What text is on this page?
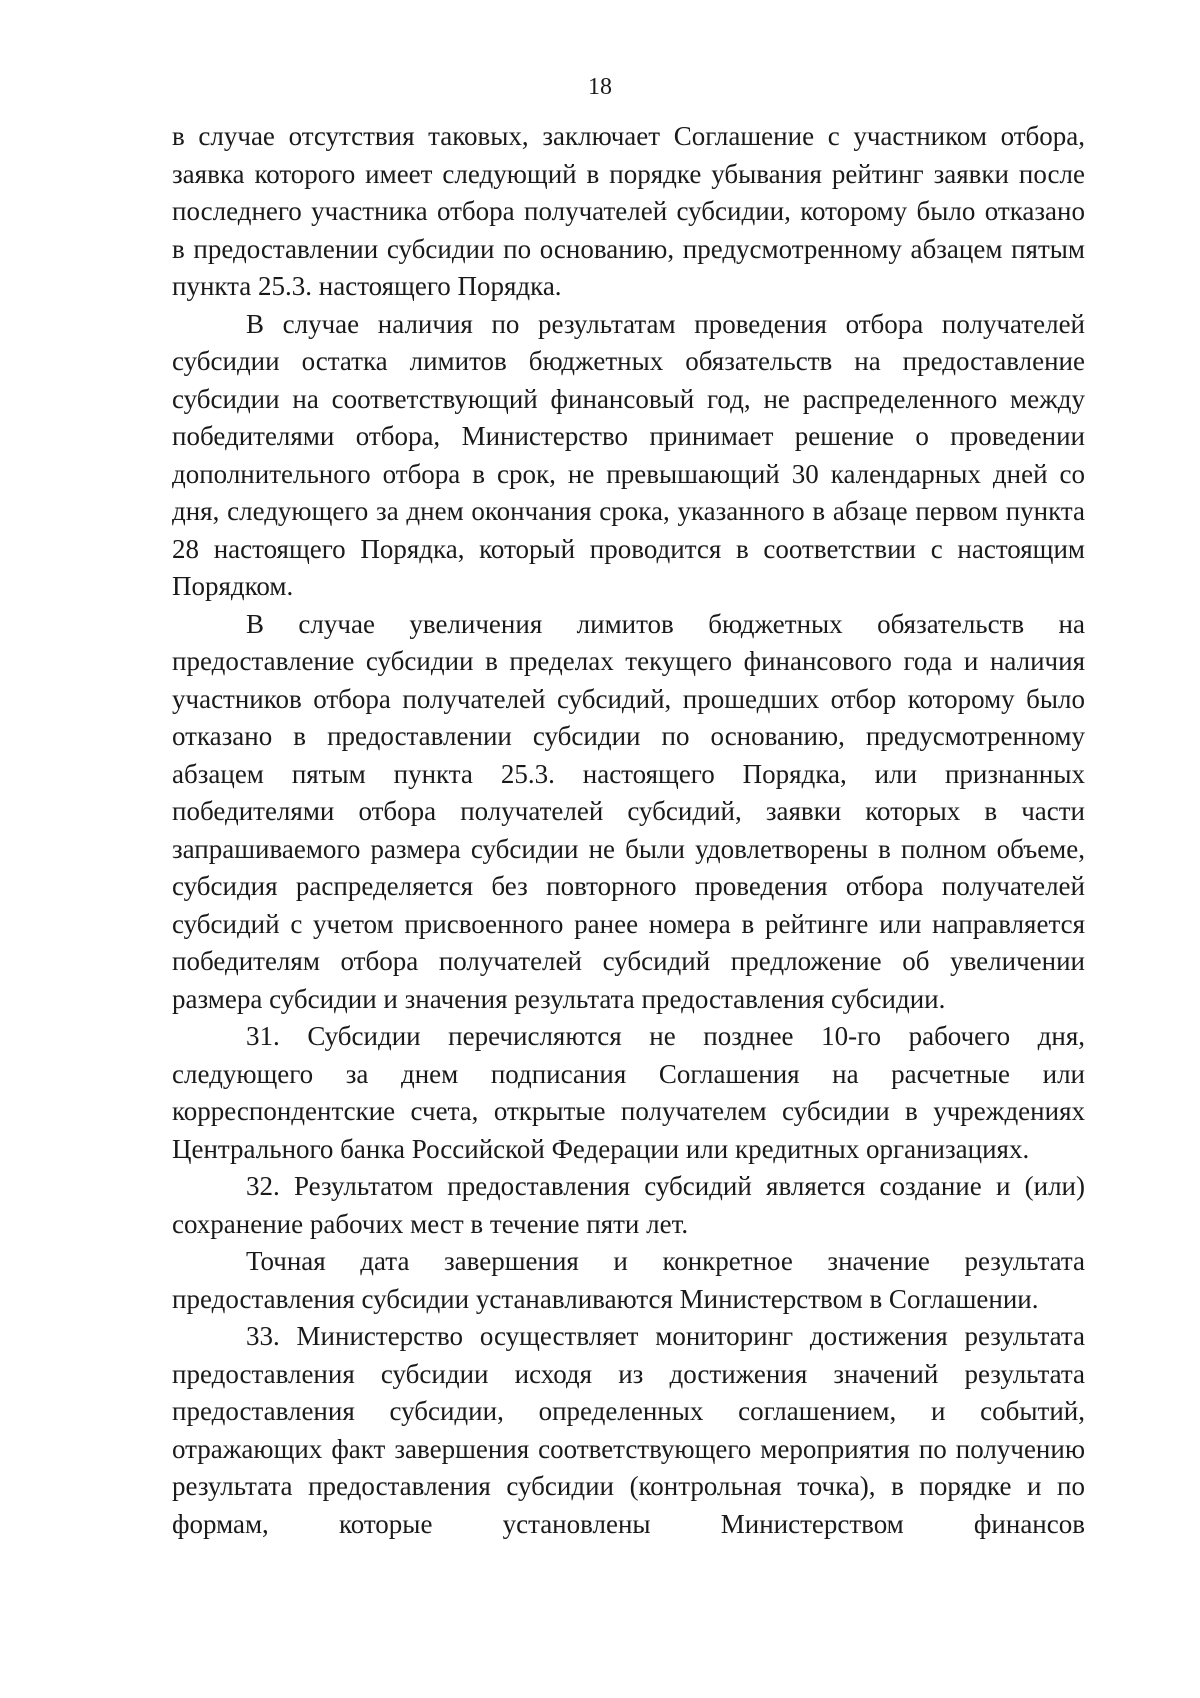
18

в случае отсутствия таковых, заключает Соглашение с участником отбора, заявка которого имеет следующий в порядке убывания рейтинг заявки после последнего участника отбора получателей субсидии, которому было отказано в предоставлении субсидии по основанию, предусмотренному абзацем пятым пункта 25.3. настоящего Порядка.

В случае наличия по результатам проведения отбора получателей субсидии остатка лимитов бюджетных обязательств на предоставление субсидии на соответствующий финансовый год, не распределенного между победителями отбора, Министерство принимает решение о проведении дополнительного отбора в срок, не превышающий 30 календарных дней со дня, следующего за днем окончания срока, указанного в абзаце первом пункта 28 настоящего Порядка, который проводится в соответствии с настоящим Порядком.

В случае увеличения лимитов бюджетных обязательств на предоставление субсидии в пределах текущего финансового года и наличия участников отбора получателей субсидий, прошедших отбор которому было отказано в предоставлении субсидии по основанию, предусмотренному абзацем пятым пункта 25.3. настоящего Порядка, или признанных победителями отбора получателей субсидий, заявки которых в части запрашиваемого размера субсидии не были удовлетворены в полном объеме, субсидия распределяется без повторного проведения отбора получателей субсидий с учетом присвоенного ранее номера в рейтинге или направляется победителям отбора получателей субсидий предложение об увеличении размера субсидии и значения результата предоставления субсидии.

31. Субсидии перечисляются не позднее 10-го рабочего дня, следующего за днем подписания Соглашения на расчетные или корреспондентские счета, открытые получателем субсидии в учреждениях Центрального банка Российской Федерации или кредитных организациях.

32. Результатом предоставления субсидий является создание и (или) сохранение рабочих мест в течение пяти лет.

Точная дата завершения и конкретное значение результата предоставления субсидии устанавливаются Министерством в Соглашении.

33. Министерство осуществляет мониторинг достижения результата предоставления субсидии исходя из достижения значений результата предоставления субсидии, определенных соглашением, и событий, отражающих факт завершения соответствующего мероприятия по получению результата предоставления субсидии (контрольная точка), в порядке и по формам, которые установлены Министерством финансов
